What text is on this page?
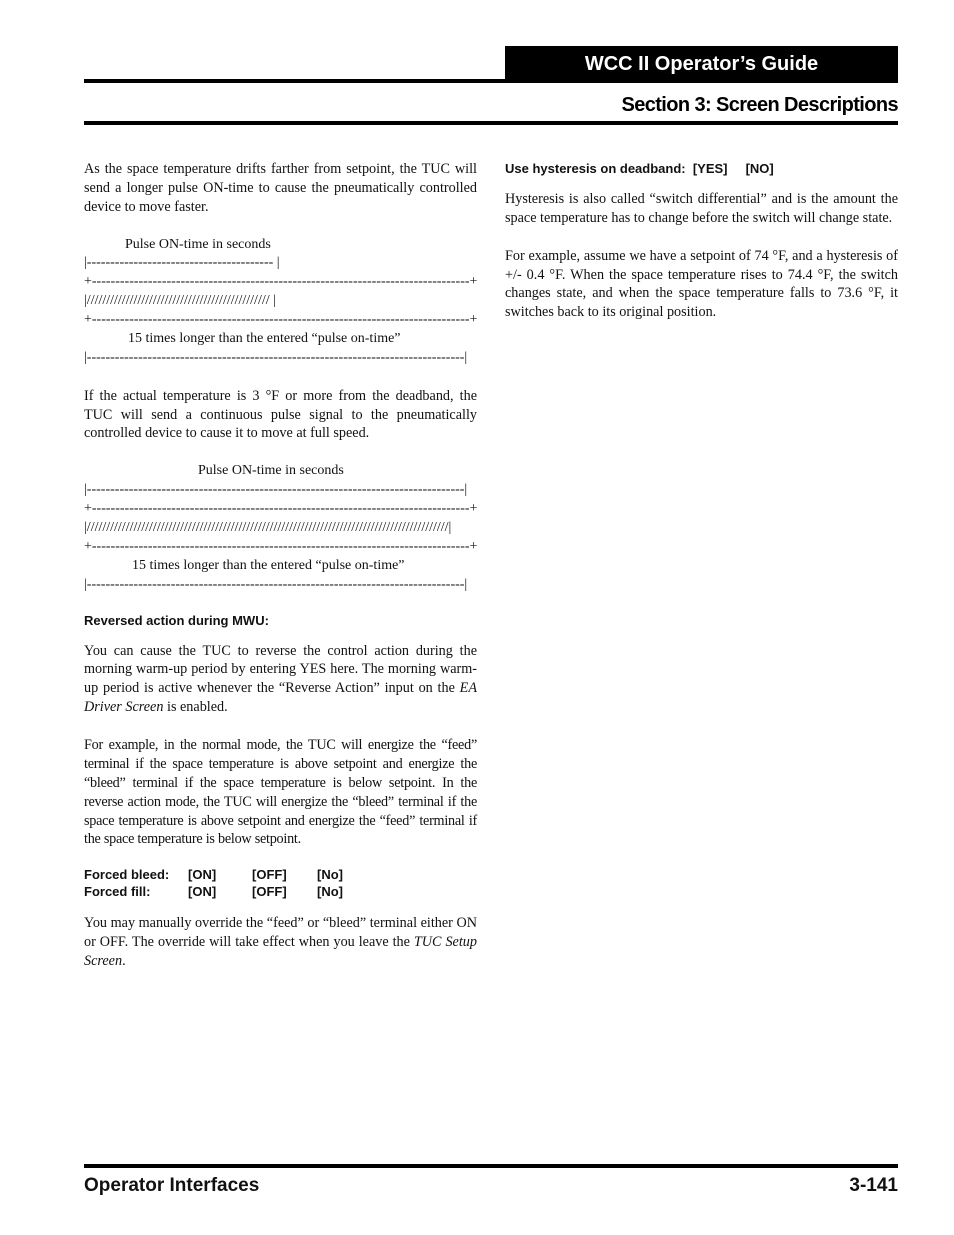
WCC II Operator’s Guide
Section 3: Screen Descriptions

As the space temperature drifts farther from setpoint, the TUC will send a longer pulse ON-time to cause the pneumatically controlled device to move faster.

Pulse ON-time in seconds

|---------------------------------------- |

+---------------------------------------------------------------------------------+

|/////////////////////////////////////////////// |

+---------------------------------------------------------------------------------+

15 times longer than the entered “pulse on-time”

|---------------------------------------------------------------------------------|

If the actual temperature is 3 °F or more from the deadband, the TUC will send a continuous pulse signal to the pneumatically controlled device to cause it to move at full speed.

Pulse ON-time in seconds

|---------------------------------------------------------------------------------|

+---------------------------------------------------------------------------------+

|/////////////////////////////////////////////////////////////////////////////////////////////|

+---------------------------------------------------------------------------------+

15 times longer than the entered “pulse on-time”

|---------------------------------------------------------------------------------|

Reversed action during MWU:

You can cause the TUC to reverse the control action during the morning warm-up period by entering YES here. The morning warm-up period is active whenever the “Reverse Action” input on the EA Driver Screen is enabled.

For example, in the normal mode, the TUC will energize the “feed” terminal if the space temperature is above setpoint and energize the “bleed” terminal if the space temperature is below setpoint. In the reverse action mode, the TUC will energize the “bleed” terminal if the space temperature is above setpoint and energize the “feed” terminal if the space temperature is below setpoint.

Forced bleed:	[ON]	[OFF]	[No]
Forced fill:	[ON]	[OFF]	[No]

You may manually override the “feed” or “bleed” terminal either ON or OFF. The override will take effect when you leave the TUC Setup Screen.

Use hysteresis on deadband:  [YES]     [NO]

Hysteresis is also called “switch differential” and is the amount the space temperature has to change before the switch will change state.

For example, assume we have a setpoint of 74 °F, and a hysteresis of +/- 0.4 °F. When the space temperature rises to 74.4 °F, the switch changes state, and when the space temperature falls to 73.6 °F, it switches back to its original position.

Operator Interfaces	3-141
